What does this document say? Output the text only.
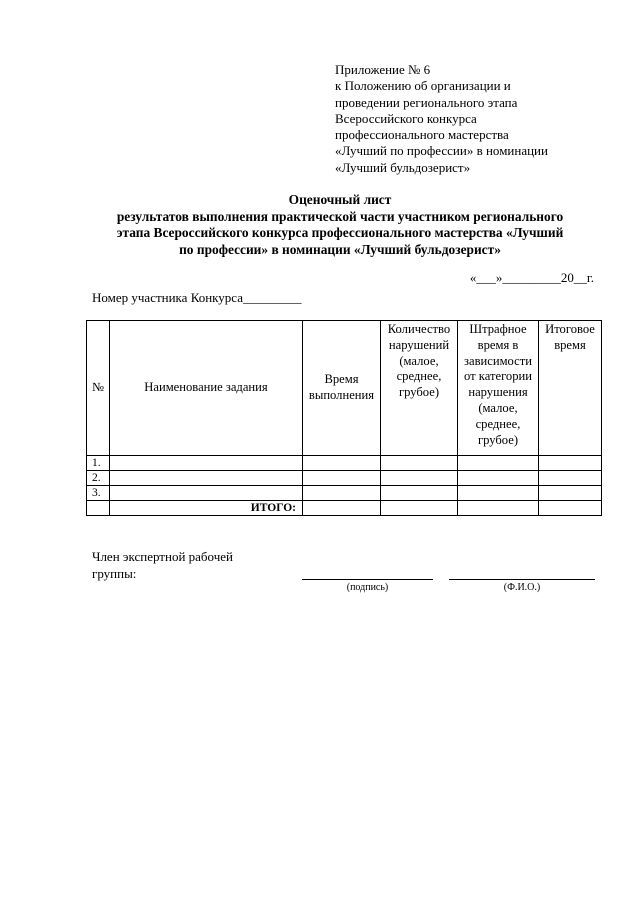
Приложение № 6
к Положению об организации и
проведении регионального этапа
Всероссийского конкурса
профессионального мастерства
«Лучший по профессии» в номинации
«Лучший бульдозерист»
Оценочный лист
результатов выполнения практической части участником регионального
этапа Всероссийского конкурса профессионального мастерства «Лучший
по профессии» в номинации «Лучший бульдозерист»
«___»_________20__г.
Номер участника Конкурса_________
№	Наименование задания	Время выполнения	Количество нарушений (малое, среднее, грубое)	Штрафное время в зависимости от категории нарушения (малое, среднее, грубое)	Итоговое время
1.					
2.					
3.					
	ИТОГО:				
Член экспертной рабочей
группы:
(подпись)	(Ф.И.О.)
